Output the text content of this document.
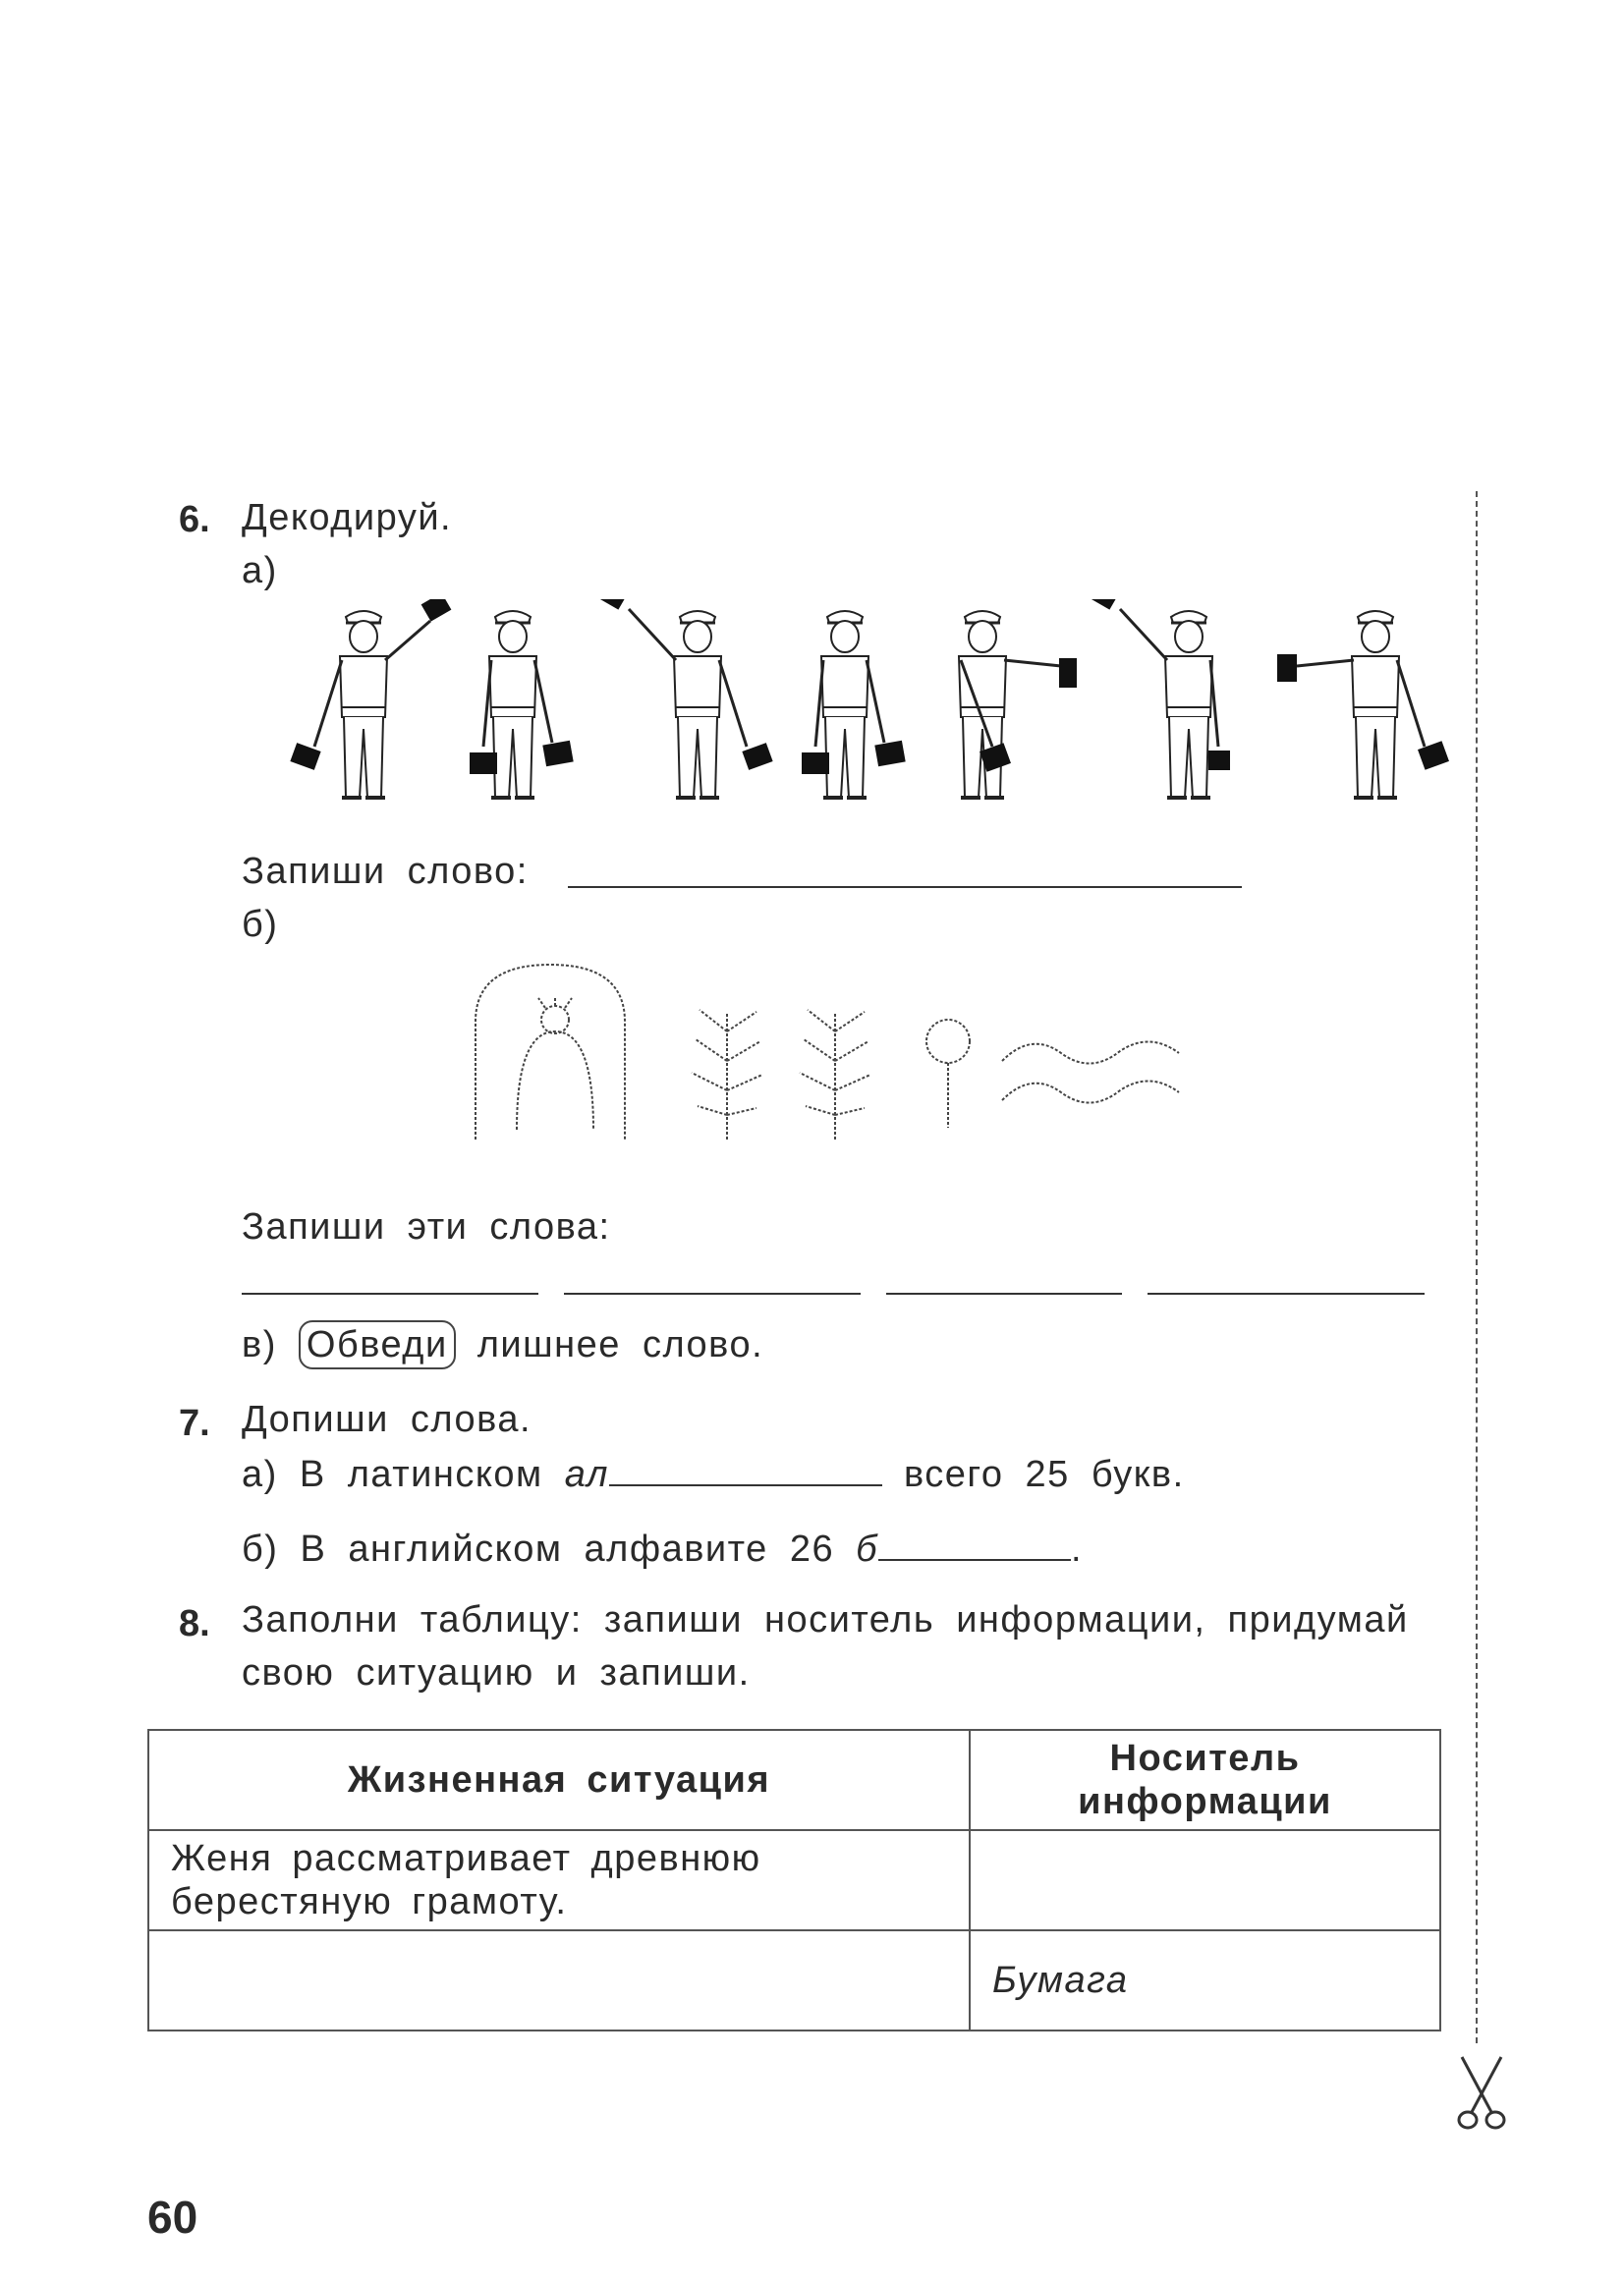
6. Декодируй.
а)
Запиши слово:
б)
Запиши эти слова:
в) Обведи лишнее слово.
7. Допиши слова.
а) В латинском ал	всего 25 букв.
б) В английском алфавите 26 б	.
8. Заполни таблицу: запиши носитель информации, придумай
свою ситуацию и запиши.
Жизненная ситуация	Носитель
информации
Женя рассматривает древнюю
берестяную грамоту.	
	Бумага
60
